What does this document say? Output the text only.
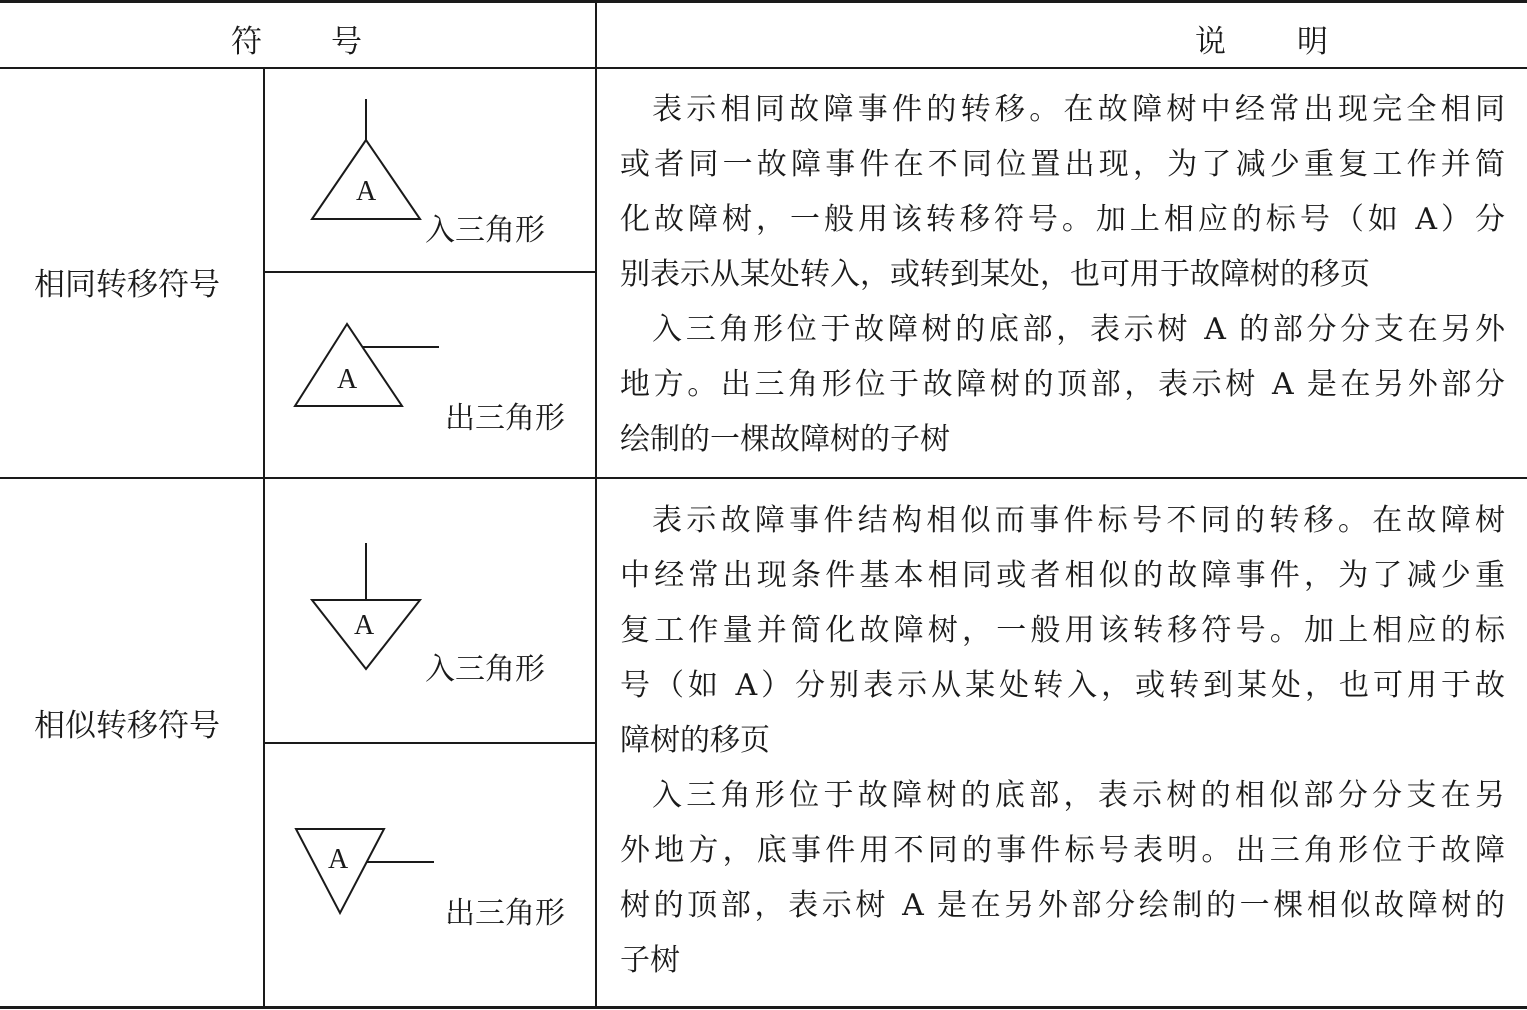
符 号	说 明
相同转移符号
A
入三角形
A
出三角形
表示相同故障事件的转移。在故障树中经常出现完全相同
或者同一故障事件在不同位置出现，为了减少重复工作并简
化故障树，一般用该转移符号。加上相应的标号（如 A）分
别表示从某处转入，或转到某处，也可用于故障树的移页
入三角形位于故障树的底部，表示树 A 的部分分支在另外
地方。出三角形位于故障树的顶部，表示树 A 是在另外部分
绘制的一棵故障树的子树
相似转移符号
A
入三角形
A
出三角形
表示故障事件结构相似而事件标号不同的转移。在故障树
中经常出现条件基本相同或者相似的故障事件，为了减少重
复工作量并简化故障树，一般用该转移符号。加上相应的标
号（如 A）分别表示从某处转入，或转到某处，也可用于故
障树的移页
入三角形位于故障树的底部，表示树的相似部分分支在另
外地方，底事件用不同的事件标号表明。出三角形位于故障
树的顶部，表示树 A 是在另外部分绘制的一棵相似故障树的
子树
